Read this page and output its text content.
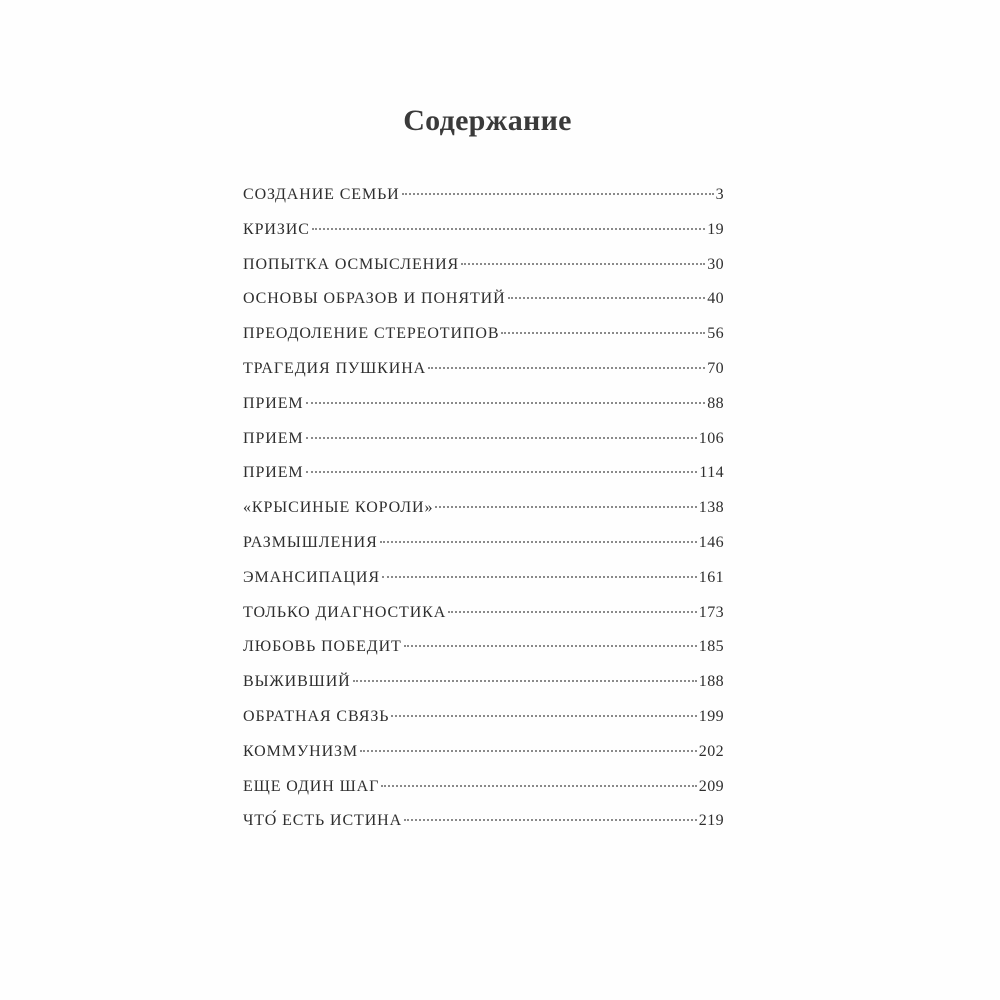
Содержание
СОЗДАНИЕ СЕМЬИ	3
КРИЗИС	19
ПОПЫТКА ОСМЫСЛЕНИЯ	30
ОСНОВЫ ОБРАЗОВ И ПОНЯТИЙ	40
ПРЕОДОЛЕНИЕ СТЕРЕОТИПОВ	56
ТРАГЕДИЯ ПУШКИНА	70
ПРИЕМ	88
ПРИЕМ	106
ПРИЕМ	114
«КРЫСИНЫЕ КОРОЛИ»	138
РАЗМЫШЛЕНИЯ	146
ЭМАНСИПАЦИЯ	161
ТОЛЬКО ДИАГНОСТИКА	173
ЛЮБОВЬ ПОБЕДИТ	185
ВЫЖИВШИЙ	188
ОБРАТНАЯ СВЯЗЬ	199
КОММУНИЗМ	202
ЕЩЕ ОДИН ШАГ	209
ЧТО́ ЕСТЬ ИСТИНА	219
